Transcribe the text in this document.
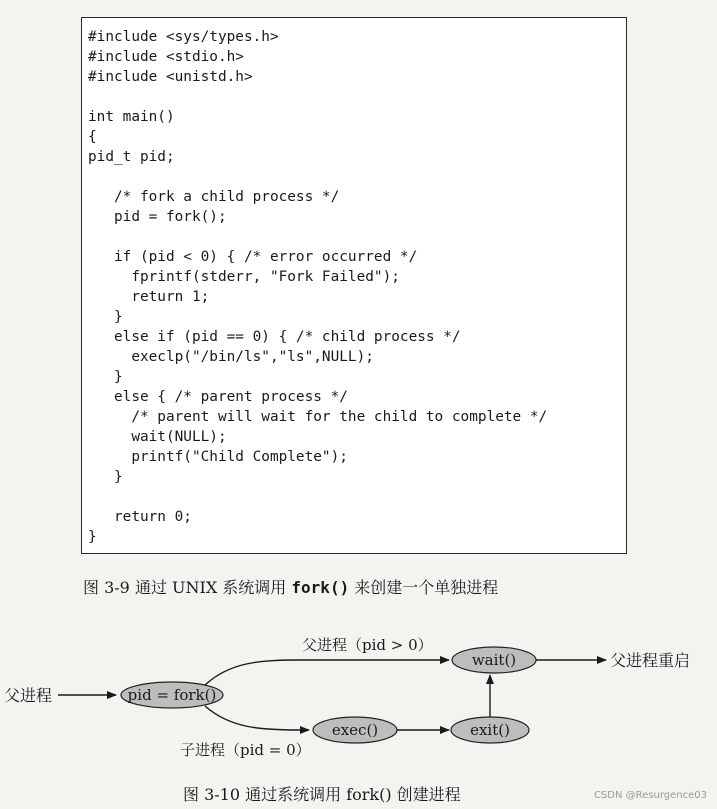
#include <sys/types.h>
#include <stdio.h>
#include <unistd.h>
int main()
{
pid_t pid;
/* fork a child process */
pid = fork();
if (pid < 0) { /* error occurred */
fprintf(stderr, "Fork Failed");
return 1;
}
else if (pid == 0) { /* child process */
execlp("/bin/ls","ls",NULL);
}
else { /* parent process */
/* parent will wait for the child to complete */
wait(NULL);
printf("Child Complete");
}
return 0;
}
图 3-9 通过 UNIX 系统调用 fork() 来创建一个单独进程
父进程	pid = fork()
父进程（pid > 0）
wait()	父进程重启
exec()	exit()
子进程（pid = 0）
图 3-10 通过系统调用 fork() 创建进程	CSDN @Resurgence03
